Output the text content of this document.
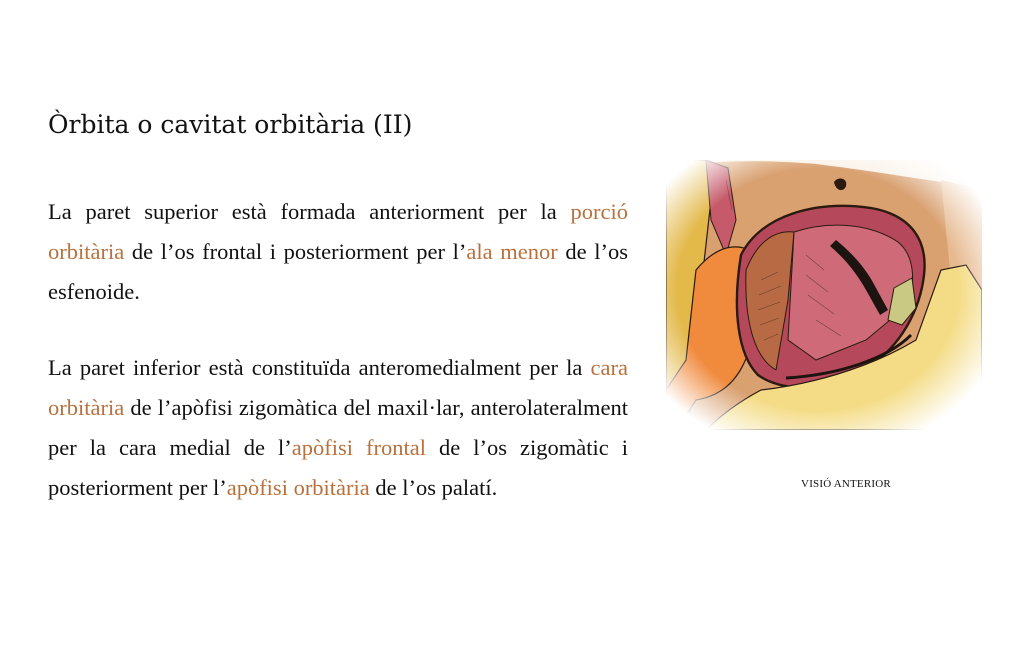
Òrbita o cavitat orbitària (II)

La paret superior està formada anteriorment per la porció orbitària de l’os frontal i posteriorment per l’ala menor de l’os esfenoide.

La paret inferior està constituïda anteromedialment per la cara orbitària de l’apòfisi zigomàtica del maxil·lar, anterolateralment per la cara medial de l’apòfisi frontal de l’os zigomàtic i posteriorment per l’apòfisi orbitària de l’os palatí.	VISIÓ ANTERIOR
